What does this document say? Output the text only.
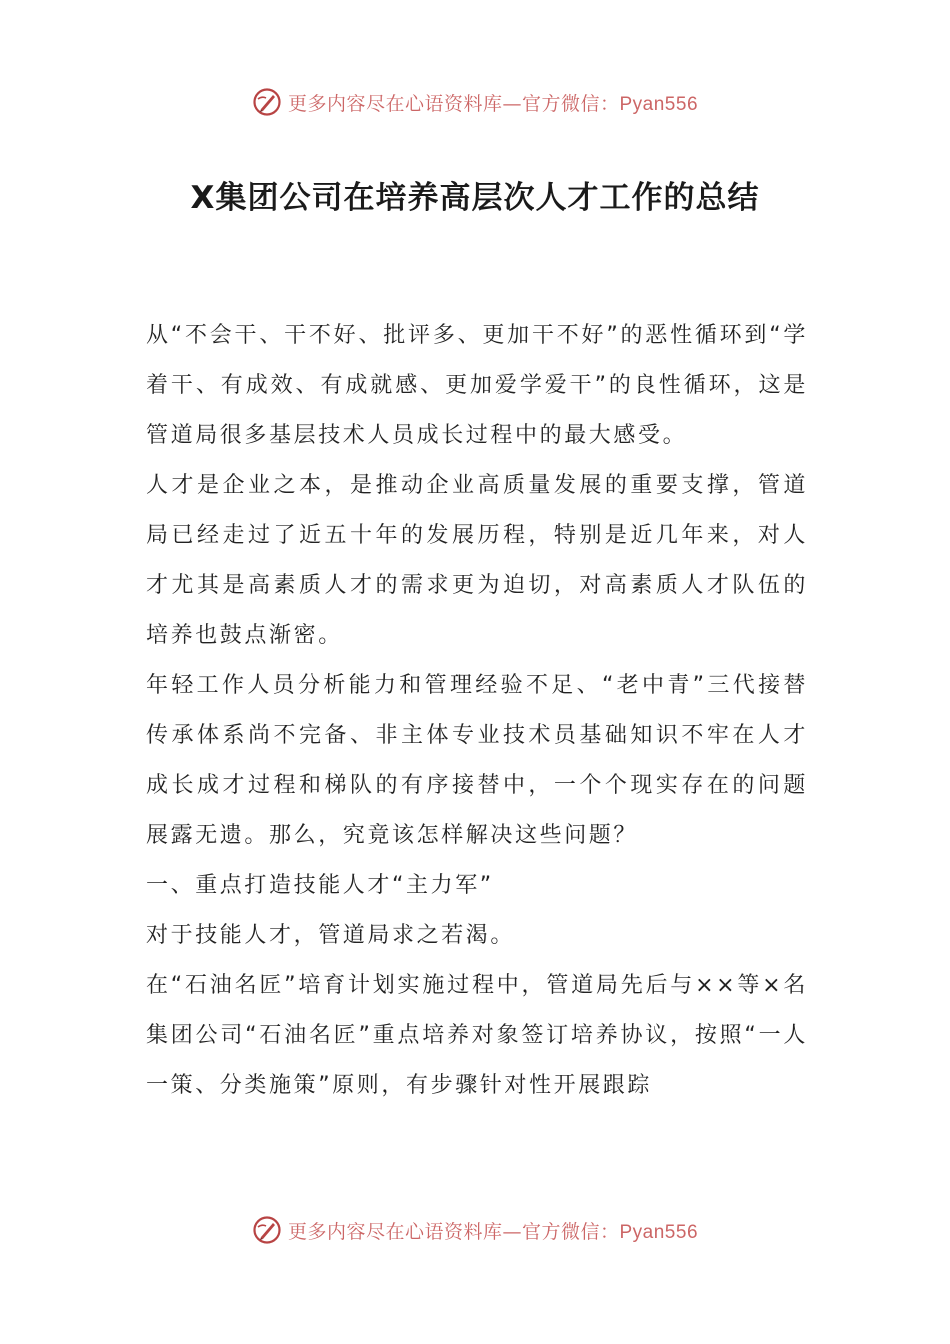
更多内容尽在心语资料库—官方微信：Pyan556
X集团公司在培养高层次人才工作的总结

从“不会干、干不好、批评多、更加干不好”的恶性循环到“学着干、有成效、有成就感、更加爱学爱干”的良性循环，这是管道局很多基层技术人员成长过程中的最大感受。

人才是企业之本，是推动企业高质量发展的重要支撑，管道局已经走过了近五十年的发展历程，特别是近几年来，对人才尤其是高素质人才的需求更为迫切，对高素质人才队伍的培养也鼓点渐密。

年轻工作人员分析能力和管理经验不足、“老中青”三代接替传承体系尚不完备、非主体专业技术员基础知识不牢在人才成长成才过程和梯队的有序接替中，一个个现实存在的问题展露无遗。那么，究竟该怎样解决这些问题？

一、重点打造技能人才“主力军”

对于技能人才，管道局求之若渴。

在“石油名匠”培育计划实施过程中，管道局先后与××等×名集团公司“石油名匠”重点培养对象签订培养协议，按照“一人一策、分类施策”原则，有步骤针对性开展跟踪

更多内容尽在心语资料库—官方微信：Pyan556
